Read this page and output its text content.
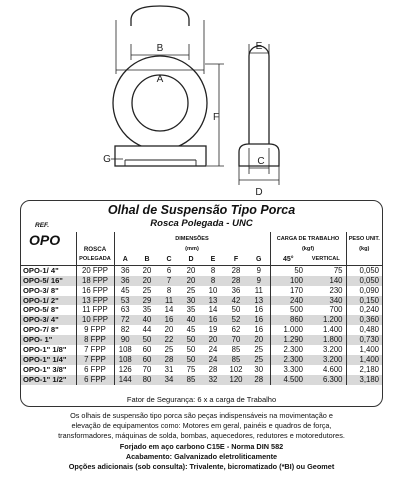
A
B	E
F
G	C
D
REF.
OPO
Olhal de Suspensão Tipo Porca
Rosca Polegada - UNC
		DIMENSÕES							CARGA DE TRABALHO		PESO UNIT.
	ROSCA	(mm)							(kgf)		(kg)
	POLEGADA	A	B	C	D	E	F	G	45°	VERTICAL	
OPO-1/ 4"	20 FPP	36	20	6	20	8	28	9	50	75	0,050
OPO-5/ 16"	18 FPP	36	20	7	20	8	28	9	100	140	0,050
OPO-3/ 8"	16 FPP	45	25	8	25	10	36	11	170	230	0,090
OPO-1/ 2"	13 FPP	53	29	11	30	13	42	13	240	340	0,150
OPO-5/ 8"	11 FPP	63	35	14	35	14	50	16	500	700	0,240
OPO-3/ 4"	10 FPP	72	40	16	40	16	52	16	860	1.200	0,360
OPO-7/ 8"	9 FPP	82	44	20	45	19	62	16	1.000	1.400	0,480
OPO- 1"	8 FPP	90	50	22	50	20	70	20	1.290	1.800	0,730
OPO-1" 1/8"	7 FPP	108	60	25	50	24	85	25	2.300	3.200	1,400
OPO-1" 1/4"	7 FPP	108	60	28	50	24	85	25	2.300	3.200	1,400
OPO-1" 3/8"	6 FPP	126	70	31	75	28	102	30	3.300	4.600	2,180
OPO-1" 1/2"	6 FPP	144	80	34	85	32	120	28	4.500	6.300	3,180
Fator de Segurança: 6 x a carga de Trabalho
Os olhais de suspensão tipo porca são peças indispensáveis na movimentação e
elevação de equipamentos como: Motores em geral, painéis e quadros de força,
transformadores, máquinas de solda, bombas, aquecedores, redutores e motoredutores.
Forjado em aço carbono C15E - Norma DIN 582
Acabamento: Galvanizado eletroliticamente
Opções adicionais (sob consulta): Trivalente, bicromatizado (*BI) ou Geomet
